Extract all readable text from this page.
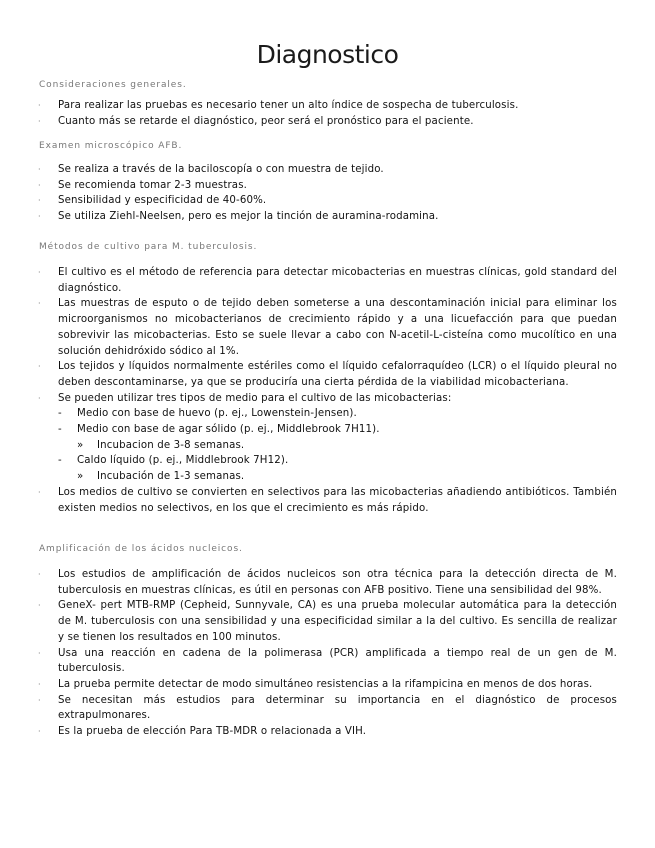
Diagnostico

Consideraciones generales.

· Para realizar las pruebas es necesario tener un alto índice de sospecha de tuberculosis.
· Cuanto más se retarde el diagnóstico, peor será el pronóstico para el paciente.

Examen microscópico AFB.

· Se realiza a través de la baciloscopía o con muestra de tejido.
· Se recomienda tomar 2-3 muestras.
· Sensibilidad y especificidad de 40-60%.
· Se utiliza Ziehl-Neelsen, pero es mejor la tinción de auramina-rodamina.

Métodos de cultivo para M. tuberculosis.

· El cultivo es el método de referencia para detectar micobacterias en muestras clínicas, gold standard del diagnóstico.
· Las muestras de esputo o de tejido deben someterse a una descontaminación inicial para eliminar los microorganismos no micobacterianos de crecimiento rápido y a una licuefacción para que puedan sobrevivir las micobacterias. Esto se suele llevar a cabo con N-acetil-L-cisteína como mucolítico en una solución dehidróxido sódico al 1%.
· Los tejidos y líquidos normalmente estériles como el líquido cefalorraquídeo (LCR) o el líquido pleural no deben descontaminarse, ya que se produciría una cierta pérdida de la viabilidad micobacteriana.
· Se pueden utilizar tres tipos de medio para el cultivo de las micobacterias:
- Medio con base de huevo (p. ej., Lowenstein-Jensen).
- Medio con base de agar sólido (p. ej., Middlebrook 7H11).
» Incubacion de 3-8 semanas.
- Caldo líquido (p. ej., Middlebrook 7H12).
» Incubación de 1-3 semanas.
· Los medios de cultivo se convierten en selectivos para las micobacterias añadiendo antibióticos. También existen medios no selectivos, en los que el crecimiento es más rápido.

Amplificación de los ácidos nucleicos.

· Los estudios de amplificación de ácidos nucleicos son otra técnica para la detección directa de M. tuberculosis en muestras clínicas, es útil en personas con AFB positivo. Tiene una sensibilidad del 98%.
· GeneX- pert MTB-RMP (Cepheid, Sunnyvale, CA) es una prueba molecular automática para la detección de M. tuberculosis con una sensibilidad y una especificidad similar a la del cultivo. Es sencilla de realizar y se tienen los resultados en 100 minutos.
· Usa una reacción en cadena de la polimerasa (PCR) amplificada a tiempo real de un gen de M. tuberculosis.
· La prueba permite detectar de modo simultáneo resistencias a la rifampicina en menos de dos horas.
· Se necesitan más estudios para determinar su importancia en el diagnóstico de procesos extrapulmonares.
· Es la prueba de elección Para TB-MDR o relacionada a VIH.
